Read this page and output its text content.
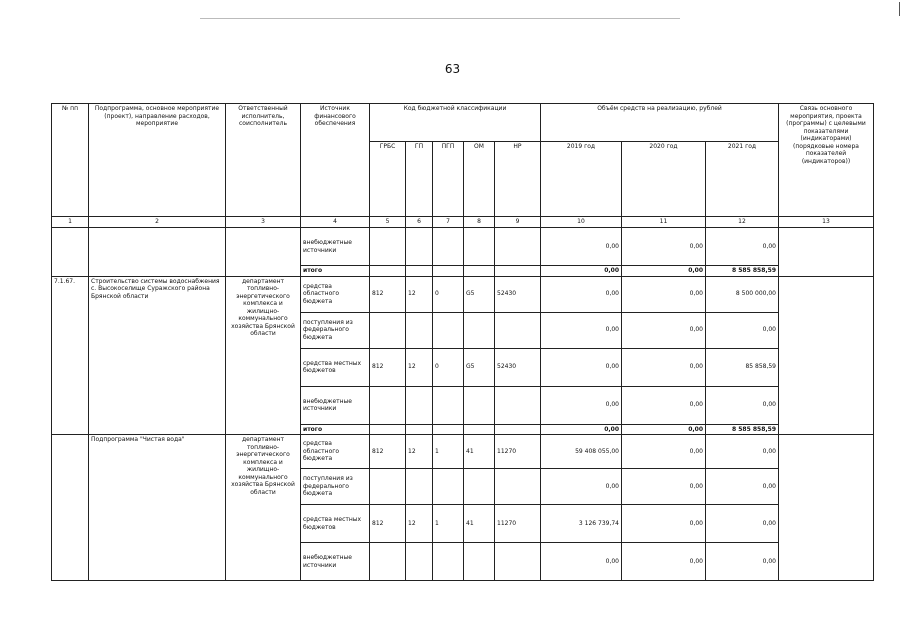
63
№ пп	Подпрограмма, основное мероприятие (проект), направление расходов, мероприятие	Ответственный исполнитель, соисполнитель	Источник финансового обеспечения	Код бюджетной классификации					Объём средств на реализацию, рублей			Связь основного мероприятия, проекта (программы) с целевыми показателями (индикаторами) (порядковые номера показателей (индикаторов))
				ГРБС	ГП	ПГП	ОМ	НР	2019 год	2020 год	2021 год	
1	2	3	4	5	6	7	8	9	10	11	12	13
			внебюджетные источники						0,00	0,00	0,00	
			итого						0,00	0,00	8 585 858,59	
7.1.67.	Строительство системы водоснабжения с. Высокоселище Суражского района Брянской области	департамент топливно-энергетического комплекса и жилищно-коммунального хозяйства Брянской области	средства областного бюджета	812	12	0	G5	52430	0,00	0,00	8 500 000,00	
			поступления из федерального бюджета						0,00	0,00	0,00	
			средства местных бюджетов	812	12	0	G5	52430	0,00	0,00	85 858,59	
			внебюджетные источники						0,00	0,00	0,00	
			итого						0,00	0,00	8 585 858,59	
	Подпрограмма "Чистая вода"	департамент топливно-энергетического комплекса и жилищно-коммунального хозяйства Брянской области	средства областного бюджета	812	12	1	41	11270	59 408 055,00	0,00	0,00	
			поступления из федерального бюджета						0,00	0,00	0,00	
			средства местных бюджетов	812	12	1	41	11270	3 126 739,74	0,00	0,00	
			внебюджетные источники						0,00	0,00	0,00	
